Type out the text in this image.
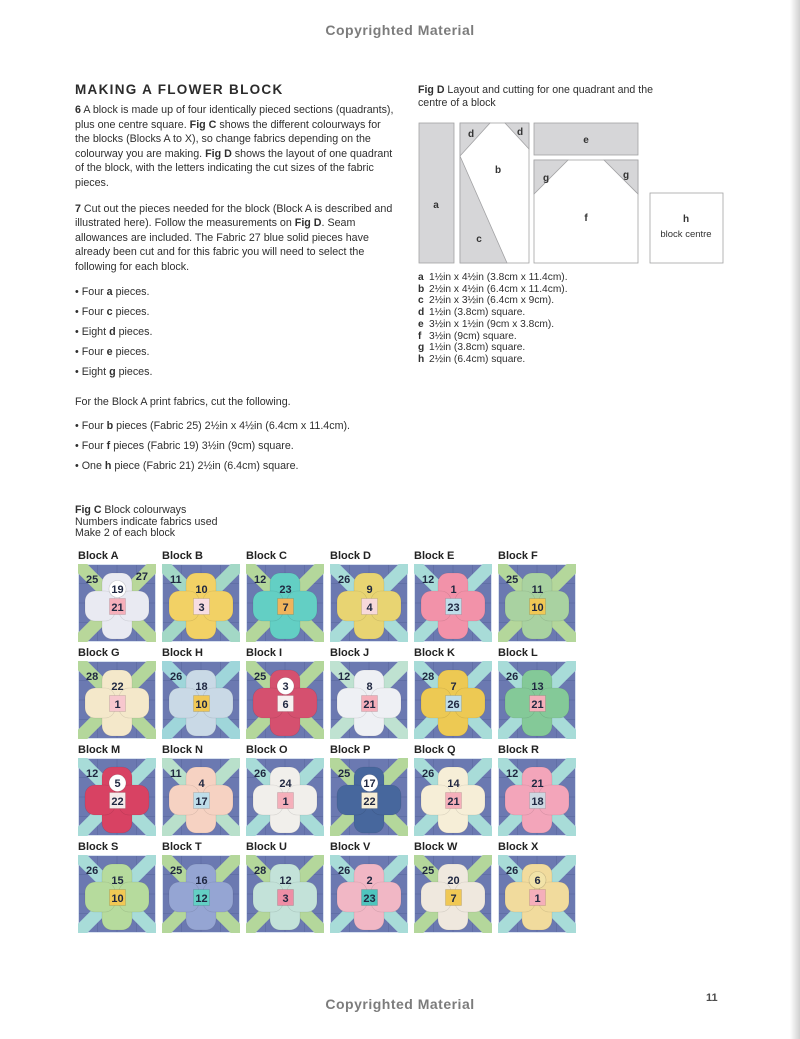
Copyrighted Material
MAKING A FLOWER BLOCK

6 A block is made up of four identically pieced sections (quadrants), plus one centre square. Fig C shows the different colourways for the blocks (Blocks A to X), so change fabrics depending on the colourway you are making. Fig D shows the layout of one quadrant of the block, with the letters indicating the cut sizes of the fabric pieces.

7 Cut out the pieces needed for the block (Block A is described and illustrated here). Follow the measurements on Fig D. Seam allowances are included. The Fabric 27 blue solid pieces have already been cut and for this fabric you will need to select the following for each block.

• Four a pieces.
• Four c pieces.
• Eight d pieces.
• Four e pieces.
• Eight g pieces.

For the Block A print fabrics, cut the following.

• Four b pieces (Fabric 25) 2½in x 4½in (6.4cm x 11.4cm).
• Four f pieces (Fabric 19) 3½in (9cm) square.
• One h piece (Fabric 21) 2½in (6.4cm) square.
Fig D Layout and cutting for one quadrant and the centre of a block
a
d	d
b
c
e
g	g
f	h
block centre
a 1½in x 4½in (3.8cm x 11.4cm).
b 2½in x 4½in (6.4cm x 11.4cm).
c 2½in x 3½in (6.4cm x 9cm).
d 1½in (3.8cm) square.
e 3½in x 1½in (9cm x 3.8cm).
f 3½in (9cm) square.
g 1½in (3.8cm) square.
h 2½in (6.4cm) square.
Fig C Block colourways
Numbers indicate fabrics used
Make 2 of each block
Block A
25	27
19
21
Block B
11
10
3
Block C
12
23
7
Block D
26
9
4
Block E
12
1
23
Block F
25
11
10
Block G
28
22
1
Block H
26
18
10
Block I
25
3
6
Block J
12
8
21
Block K
28
7
26
Block L
26
13
21
Block M
12
5
22
Block N
11
4
17
Block O
26
24
1
Block P
25
17
22
Block Q
26
14
21
Block R
12
21
18
Block S
26
15
10
Block T
25
16
12
Block U
28
12
3
Block V
26
2
23
Block W
25
20
7
Block X
26
6
1
Copyrighted Material	11
